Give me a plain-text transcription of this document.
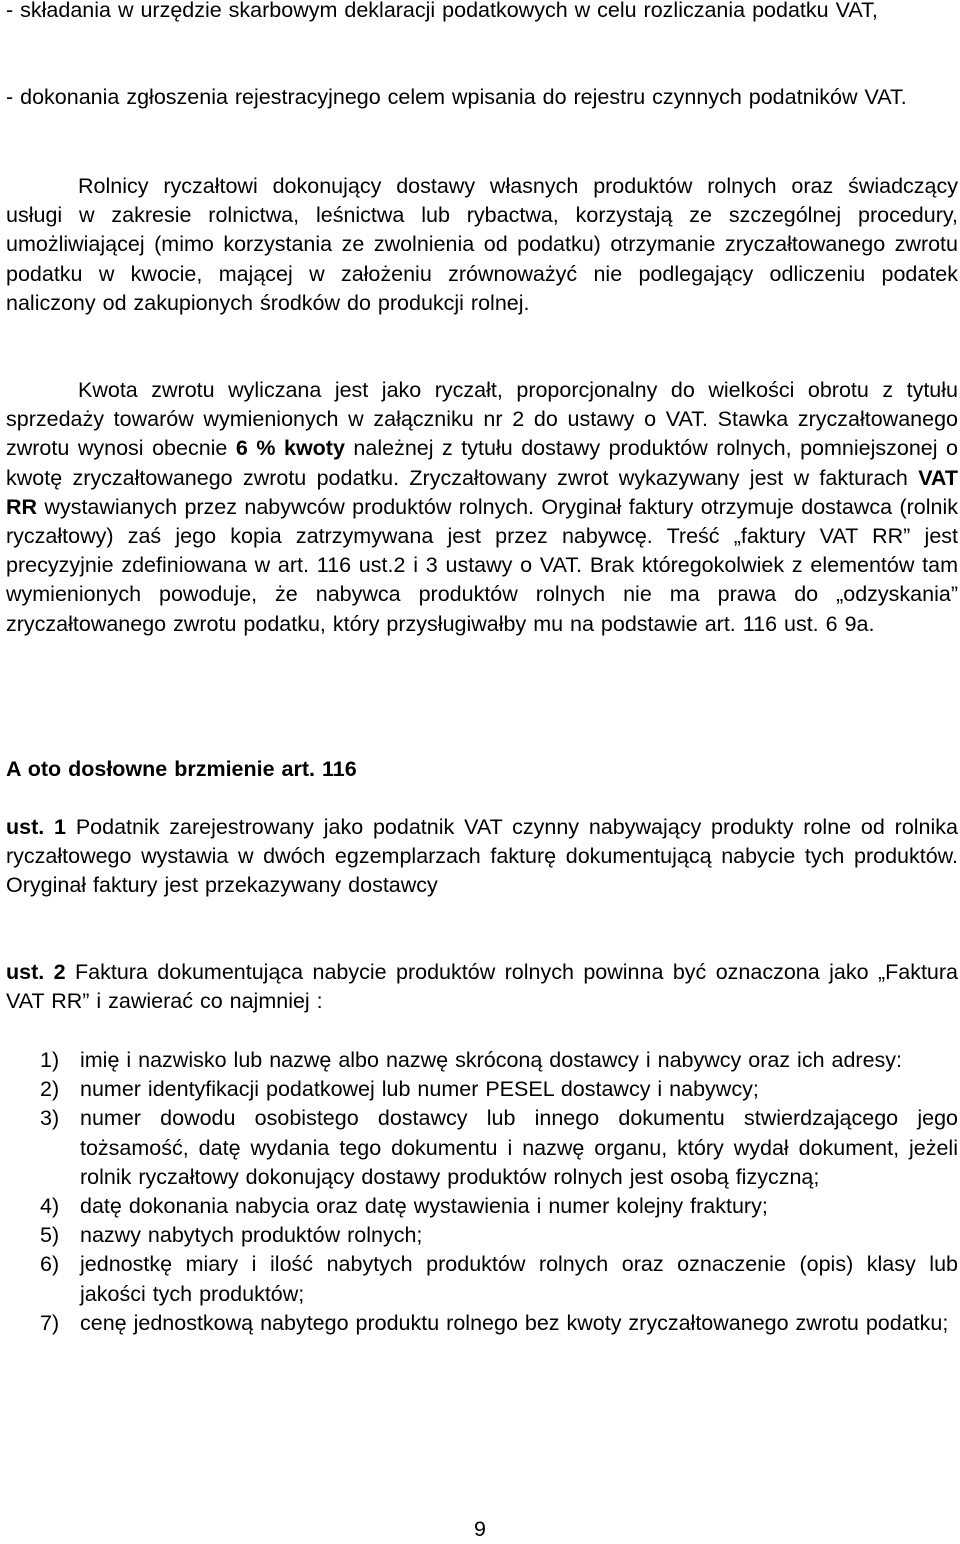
- składania w urzędzie skarbowym deklaracji podatkowych w celu rozliczania podatku VAT,

- dokonania zgłoszenia rejestracyjnego celem wpisania do rejestru czynnych podatników VAT.

Rolnicy ryczałtowi dokonujący dostawy własnych produktów rolnych oraz świadczący usługi w zakresie rolnictwa, leśnictwa lub rybactwa, korzystają ze szczególnej procedury, umożliwiającej (mimo korzystania ze zwolnienia od podatku) otrzymanie zryczałtowanego zwrotu podatku w kwocie, mającej w założeniu zrównoważyć nie podlegający odliczeniu podatek naliczony od zakupionych środków do produkcji rolnej.

Kwota zwrotu wyliczana jest jako ryczałt, proporcjonalny do wielkości obrotu z tytułu sprzedaży towarów wymienionych w załączniku nr 2 do ustawy o VAT. Stawka zryczałtowanego zwrotu wynosi obecnie 6 % kwoty należnej z tytułu dostawy produktów rolnych, pomniejszonej o kwotę zryczałtowanego zwrotu podatku. Zryczałtowany zwrot wykazywany jest w fakturach VAT RR wystawianych przez nabywców produktów rolnych. Oryginał faktury otrzymuje dostawca (rolnik ryczałtowy) zaś jego kopia zatrzymywana jest przez nabywcę. Treść „faktury VAT RR” jest precyzyjnie zdefiniowana w art. 116 ust.2 i 3 ustawy o VAT. Brak któregokolwiek z elementów tam wymienionych powoduje, że nabywca produktów rolnych nie ma prawa do „odzyskania” zryczałtowanego zwrotu podatku, który przysługiwałby mu na podstawie art. 116 ust. 6 9a.

A oto dosłowne brzmienie art. 116

ust. 1 Podatnik zarejestrowany jako podatnik VAT czynny nabywający produkty rolne od rolnika ryczałtowego wystawia w dwóch egzemplarzach fakturę dokumentującą nabycie tych produktów. Oryginał faktury jest przekazywany dostawcy

ust. 2 Faktura dokumentująca nabycie produktów rolnych powinna być oznaczona jako „Faktura VAT RR” i zawierać co najmniej :

1) imię i nazwisko lub nazwę albo nazwę skróconą dostawcy i nabywcy oraz ich adresy:
2) numer identyfikacji podatkowej lub numer PESEL dostawcy i nabywcy;
3) numer dowodu osobistego dostawcy lub innego dokumentu stwierdzającego jego tożsamość, datę wydania tego dokumentu i nazwę organu, który wydał dokument, jeżeli rolnik ryczałtowy dokonujący dostawy produktów rolnych jest osobą fizyczną;
4) datę dokonania nabycia oraz datę wystawienia i numer kolejny fraktury;
5) nazwy nabytych produktów rolnych;
6) jednostkę miary i ilość nabytych produktów rolnych oraz oznaczenie (opis) klasy lub jakości tych produktów;
7) cenę jednostkową nabytego produktu rolnego bez kwoty zryczałtowanego zwrotu podatku;
9
